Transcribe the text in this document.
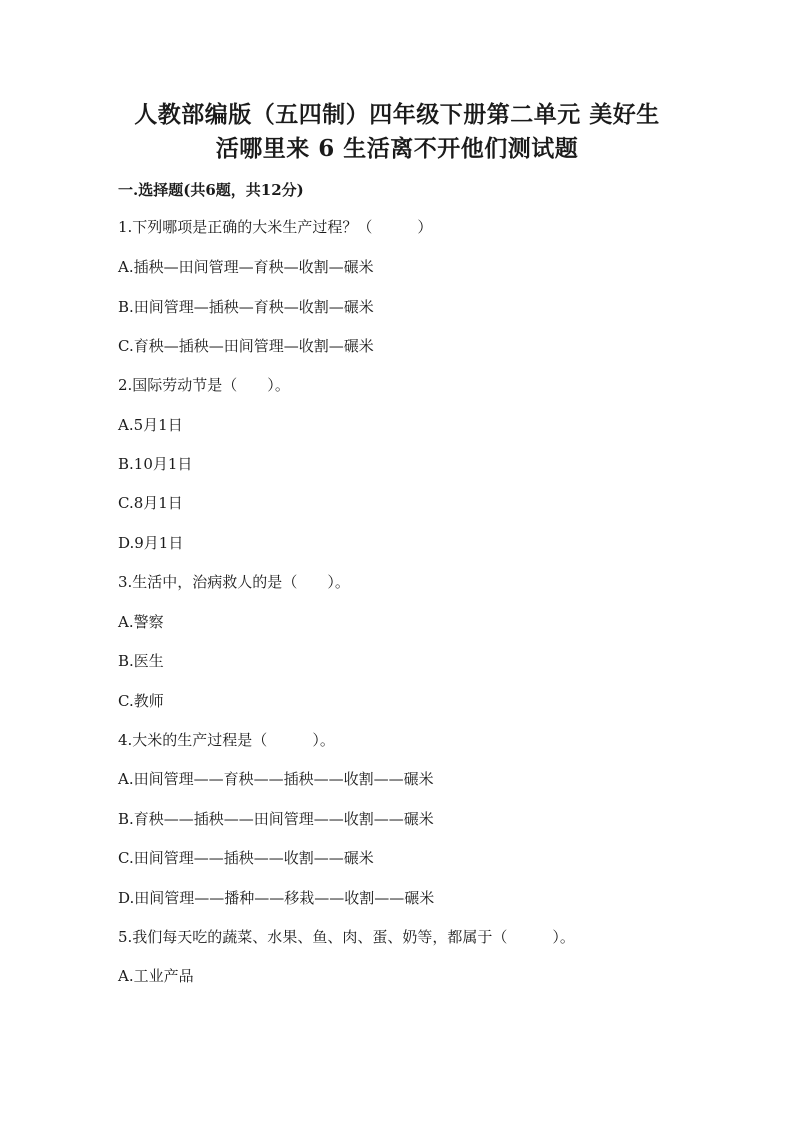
人教部编版（五四制）四年级下册第二单元 美好生
活哪里来 6 生活离不开他们测试题
一.选择题(共6题，共12分)
1.下列哪项是正确的大米生产过程？（　　　）
A.插秧—田间管理—育秧—收割—碾米
B.田间管理—插秧—育秧—收割—碾米
C.育秧—插秧—田间管理—收割—碾米
2.国际劳动节是（　　）。
A.5月1日
B.10月1日
C.8月1日
D.9月1日
3.生活中，治病救人的是（　　）。
A.警察
B.医生
C.教师
4.大米的生产过程是（　　　）。
A.田间管理——育秧——插秧——收割——碾米
B.育秧——插秧——田间管理——收割——碾米
C.田间管理——插秧——收割——碾米
D.田间管理——播种——移栽——收割——碾米
5.我们每天吃的蔬菜、水果、鱼、肉、蛋、奶等，都属于（　　　）。
A.工业产品
